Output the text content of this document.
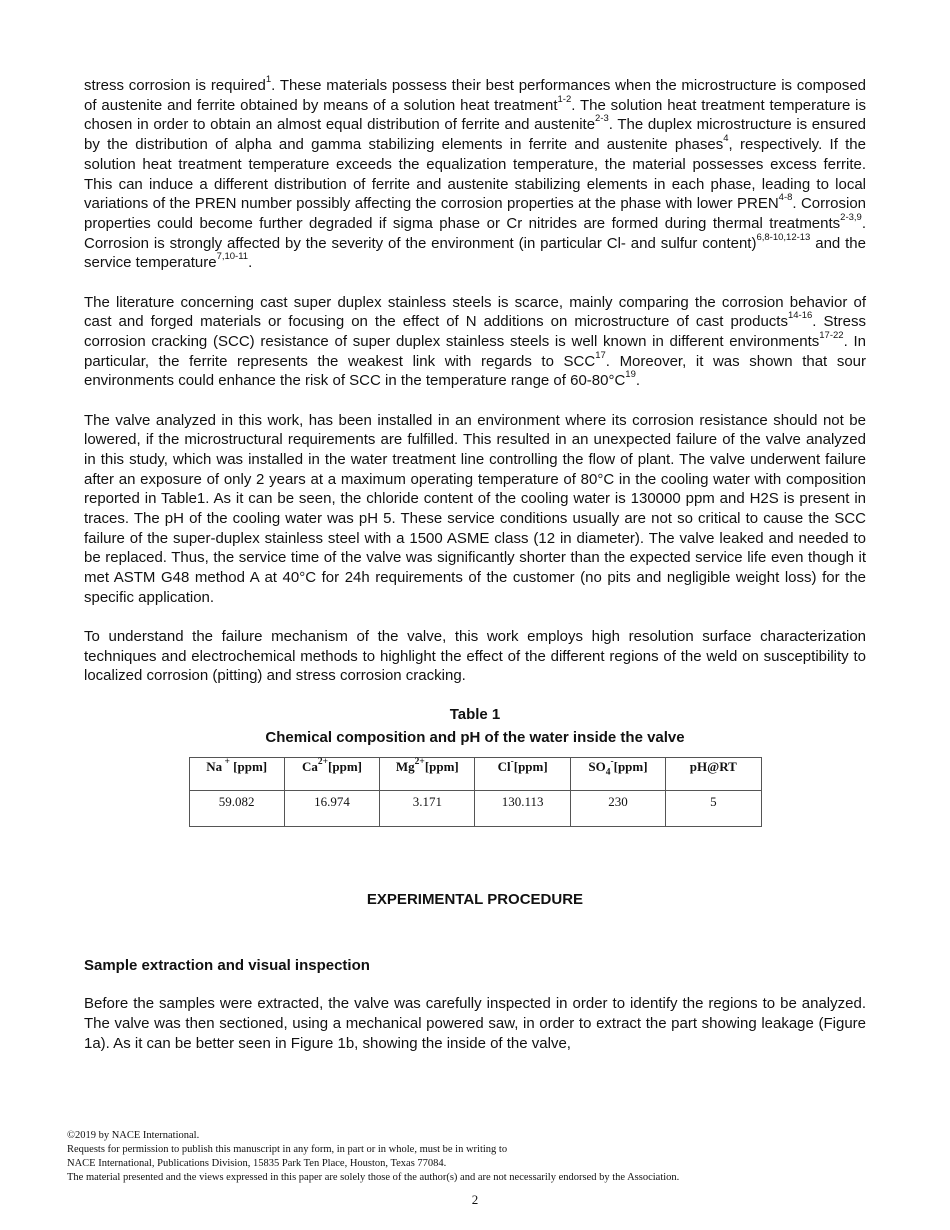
stress corrosion is required$^1$. These materials possess their best performances when the microstructure is composed of austenite and ferrite obtained by means of a solution heat treatment$^{1-2}$. The solution heat treatment temperature is chosen in order to obtain an almost equal distribution of ferrite and austenite$^{2-3}$. The duplex microstructure is ensured by the distribution of alpha and gamma stabilizing elements in ferrite and austenite phases$^4$, respectively. If the solution heat treatment temperature exceeds the equalization temperature, the material possesses excess ferrite. This can induce a different distribution of ferrite and austenite stabilizing elements in each phase, leading to local variations of the PREN number possibly affecting the corrosion properties at the phase with lower PREN$^{4-8}$. Corrosion properties could become further degraded if sigma phase or Cr nitrides are formed during thermal treatments$^{2-3,9}$. Corrosion is strongly affected by the severity of the environment (in particular Cl- and sulfur content)$^{6,8-10,12-13}$ and the service temperature$^{7,10-11}$.

The literature concerning cast super duplex stainless steels is scarce, mainly comparing the corrosion behavior of cast and forged materials or focusing on the effect of N additions on microstructure of cast products$^{14-16}$. Stress corrosion cracking (SCC) resistance of super duplex stainless steels is well known in different environments$^{17-22}$. In particular, the ferrite represents the weakest link with regards to SCC$^{17}$. Moreover, it was shown that sour environments could enhance the risk of SCC in the temperature range of $60-80^\circ C^{19}$.

The valve analyzed in this work, has been installed in an environment where its corrosion resistance should not be lowered, if the microstructural requirements are fulfilled. This resulted in an unexpected failure of the valve analyzed in this study, which was installed in the water treatment line controlling the flow of plant. The valve underwent failure after an exposure of only 2 years at a maximum operating temperature of 80°C in the cooling water with composition reported in Table1. As it can be seen, the chloride content of the cooling water is 130000 ppm and H2S is present in traces. The pH of the cooling water was pH 5. These service conditions usually are not so critical to cause the SCC failure of the super-duplex stainless steel with a 1500 ASME class (12 in diameter). The valve leaked and needed to be replaced. Thus, the service time of the valve was significantly shorter than the expected service life even though it met ASTM G48 method A at 40°C for 24h requirements of the customer (no pits and negligible weight loss) for the specific application.

To understand the failure mechanism of the valve, this work employs high resolution surface characterization techniques and electrochemical methods to highlight the effect of the different regions of the weld on susceptibility to localized corrosion (pitting) and stress corrosion cracking.

Table 1
Chemical composition and pH of the water inside the valve
Na + [ppm]	$Ca^{2+}[ppm]$	$Mg^{2+}[ppm]$	Cl-[ppm]	$SO_4^-[ppm]$	pH@RT
59.082	16.974	3.171	130.113	230	5
EXPERIMENTAL PROCEDURE
Sample extraction and visual inspection

Before the samples were extracted, the valve was carefully inspected in order to identify the regions to be analyzed. The valve was then sectioned, using a mechanical powered saw, in order to extract the part showing leakage (Figure 1a). As it can be better seen in Figure 1b, showing the inside of the valve,

©2019 by NACE International.
Requests for permission to publish this manuscript in any form, in part or in whole, must be in writing to
NACE International, Publications Division, 15835 Park Ten Place, Houston, Texas 77084.
The material presented and the views expressed in this paper are solely those of the author(s) and are not necessarily endorsed by the Association.
2
